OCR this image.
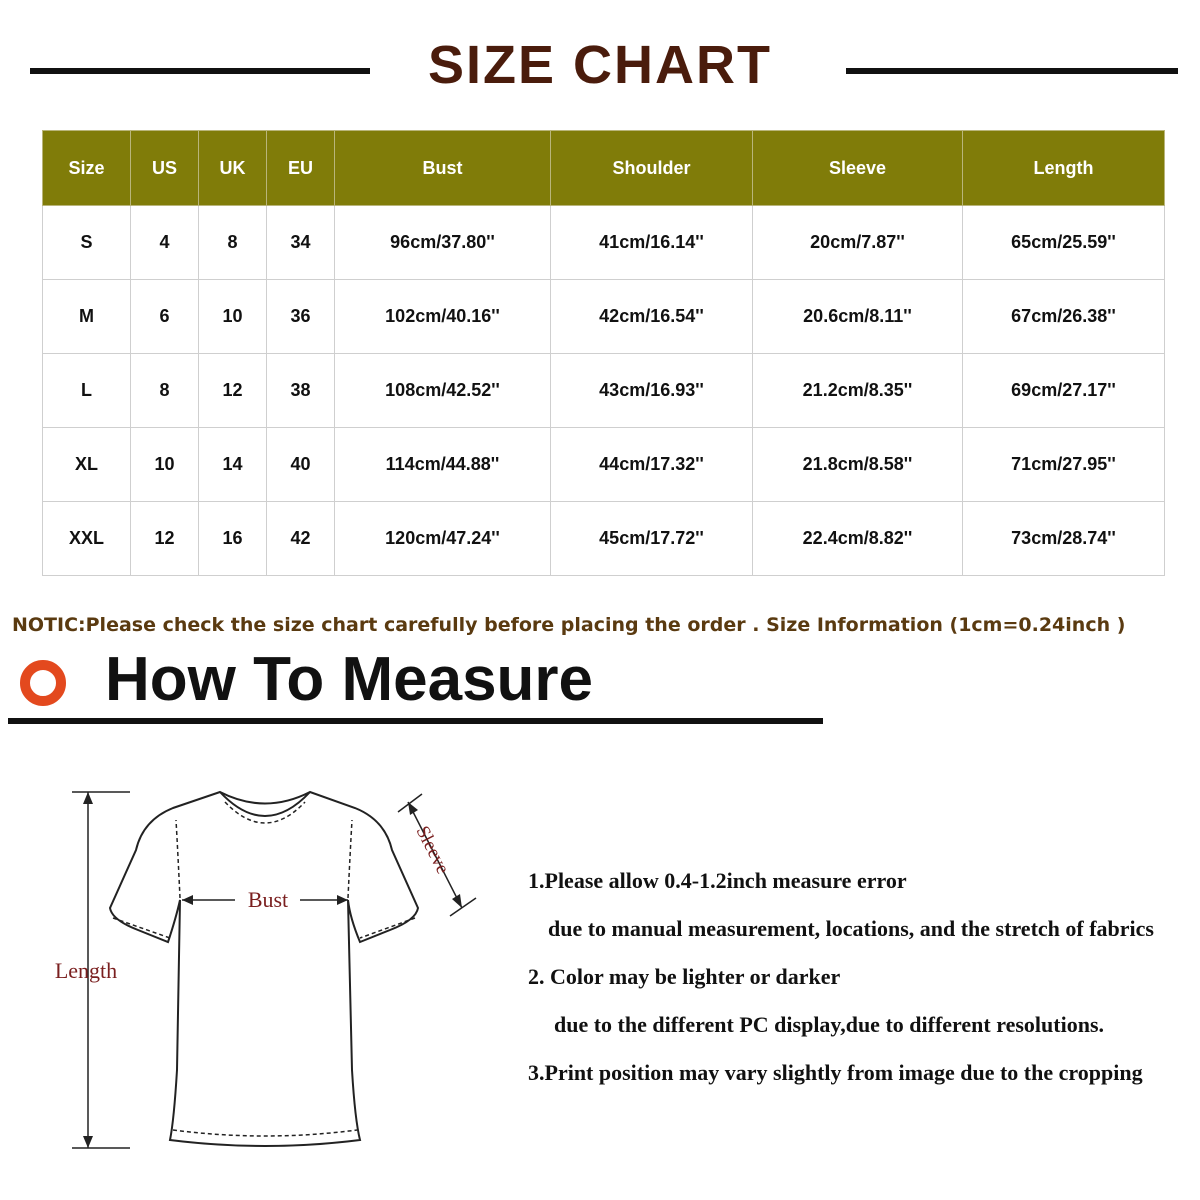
SIZE CHART
Size	US	UK	EU	Bust	Shoulder	Sleeve	Length
S	4	8	34	96cm/37.80''	41cm/16.14''	20cm/7.87''	65cm/25.59''
M	6	10	36	102cm/40.16''	42cm/16.54''	20.6cm/8.11''	67cm/26.38''
L	8	12	38	108cm/42.52''	43cm/16.93''	21.2cm/8.35''	69cm/27.17''
XL	10	14	40	114cm/44.88''	44cm/17.32''	21.8cm/8.58''	71cm/27.95''
XXL	12	16	42	120cm/47.24''	45cm/17.72''	22.4cm/8.82''	73cm/28.74''
NOTIC:Please check the size chart carefully before placing the order . Size Information (1cm=0.24inch )
How To Measure
Bust
Length
Sleeve
1.Please allow 0.4-1.2inch measure error
due to manual measurement, locations, and the stretch of fabrics
2. Color may be lighter or darker
due to the different PC display,due to different resolutions.
3.Print position may vary slightly from image due to the cropping
